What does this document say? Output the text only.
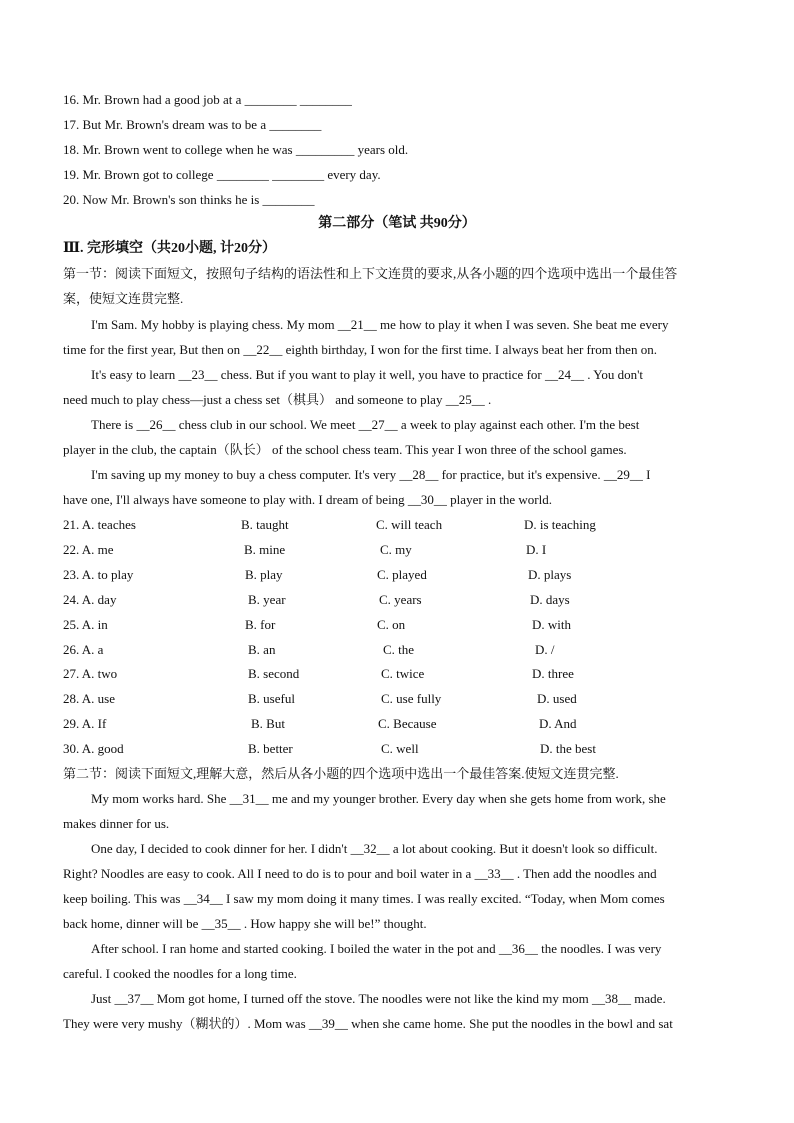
16. Mr. Brown had a good job at a ________ ________
17. But Mr. Brown's dream was to be a ________
18. Mr. Brown went to college when he was _________ years old.
19. Mr. Brown got to college ________ ________ every day.
20. Now Mr. Brown's son thinks he is ________
第二部分（笔试 共90分）
Ⅲ. 完形填空（共20小题, 计20分）
第一节：阅读下面短文，按照句子结构的语法性和上下文连贯的要求,从各小题的四个选项中选出一个最佳答
案，使短文连贯完整.
I'm Sam. My hobby is playing chess. My mom __21__ me how to play it when I was seven. She beat me every
time for the first year, But then on __22__ eighth birthday, I won for the first time. I always beat her from then on.
It's easy to learn __23__ chess. But if you want to play it well, you have to practice for __24__ . You don't
need much to play chess—just a chess set（棋具） and someone to play __25__ .
There is __26__ chess club in our school. We meet __27__ a week to play against each other. I'm the best
player in the club, the captain（队长） of the school chess team. This year I won three of the school games.
I'm saving up my money to buy a chess computer. It's very __28__ for practice, but it's expensive. __29__ I
have one, I'll always have someone to play with. I dream of being __30__ player in the world.
21. A. teaches	B. taught	C. will teach	D. is teaching
22. A. me	B. mine	C. my	D. I
23. A. to play	B. play	C. played	D. plays
24. A. day	B. year	C. years	D. days
25. A. in	B. for	C. on	D. with
26. A. a	B. an	C. the	D. /
27. A. two	B. second	C. twice	D. three
28. A. use	B. useful	C. use fully	D. used
29. A. If	B. But	C. Because	D. And
30. A. good	B. better	C. well	D. the best
第二节：阅读下面短文,理解大意，然后从各小题的四个选项中选出一个最佳答案.使短文连贯完整.
My mom works hard. She __31__ me and my younger brother. Every day when she gets home from work, she
makes dinner for us.
One day, I decided to cook dinner for her. I didn't __32__ a lot about cooking. But it doesn't look so difficult.
Right? Noodles are easy to cook. All I need to do is to pour and boil water in a __33__ . Then add the noodles and
keep boiling. This was __34__ I saw my mom doing it many times. I was really excited. “Today, when Mom comes
back home, dinner will be __35__ . How happy she will be!” thought.
After school. I ran home and started cooking. I boiled the water in the pot and __36__ the noodles. I was very
careful. I cooked the noodles for a long time.
Just __37__ Mom got home, I turned off the stove. The noodles were not like the kind my mom __38__ made.
They were very mushy（糊状的）. Mom was __39__ when she came home. She put the noodles in the bowl and sat
